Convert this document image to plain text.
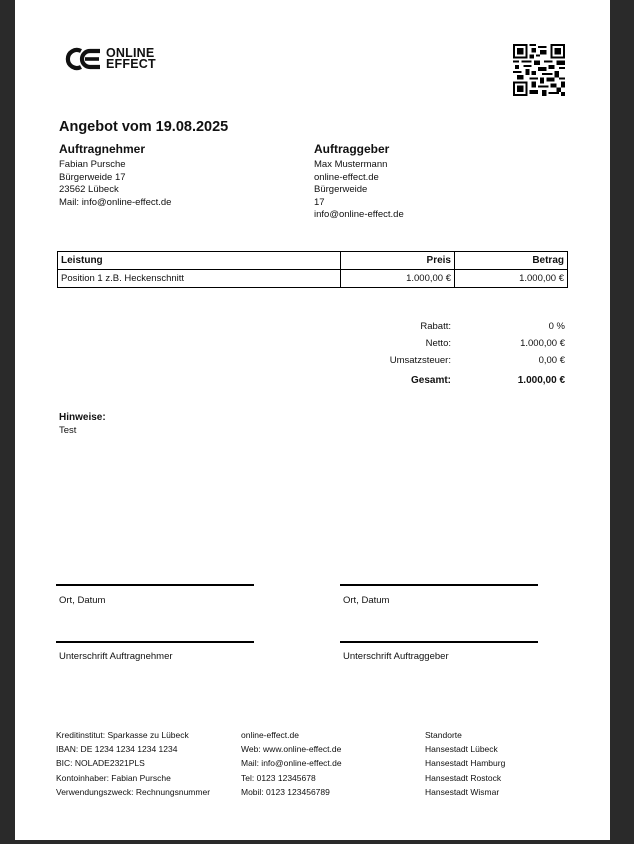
ONLINE
EFFECT
Angebot vom 19.08.2025
Auftragnehmer
Fabian Pursche
Bürgerweide 17
23562 Lübeck
Mail: info@online-effect.de
Auftraggeber
Max Mustermann
online-effect.de
Bürgerweide
17
info@online-effect.de
Leistung	Preis	Betrag
Position 1 z.B. Heckenschnitt	1.000,00 €	1.000,00 €
Rabatt:	0 %
Netto:	1.000,00 €
Umsatzsteuer:	0,00 €
Gesamt:	1.000,00 €
Hinweise:
Test
Ort, Datum	Ort, Datum
Unterschrift Auftragnehmer	Unterschrift Auftraggeber
Kreditinstitut: Sparkasse zu Lübeck
IBAN: DE 1234 1234 1234 1234
BIC: NOLADE2321PLS
Kontoinhaber: Fabian Pursche
Verwendungszweck: Rechnungsnummer
online-effect.de
Web: www.online-effect.de
Mail: info@online-effect.de
Tel: 0123 12345678
Mobil: 0123 123456789
Standorte
Hansestadt Lübeck
Hansestadt Hamburg
Hansestadt Rostock
Hansestadt Wismar
